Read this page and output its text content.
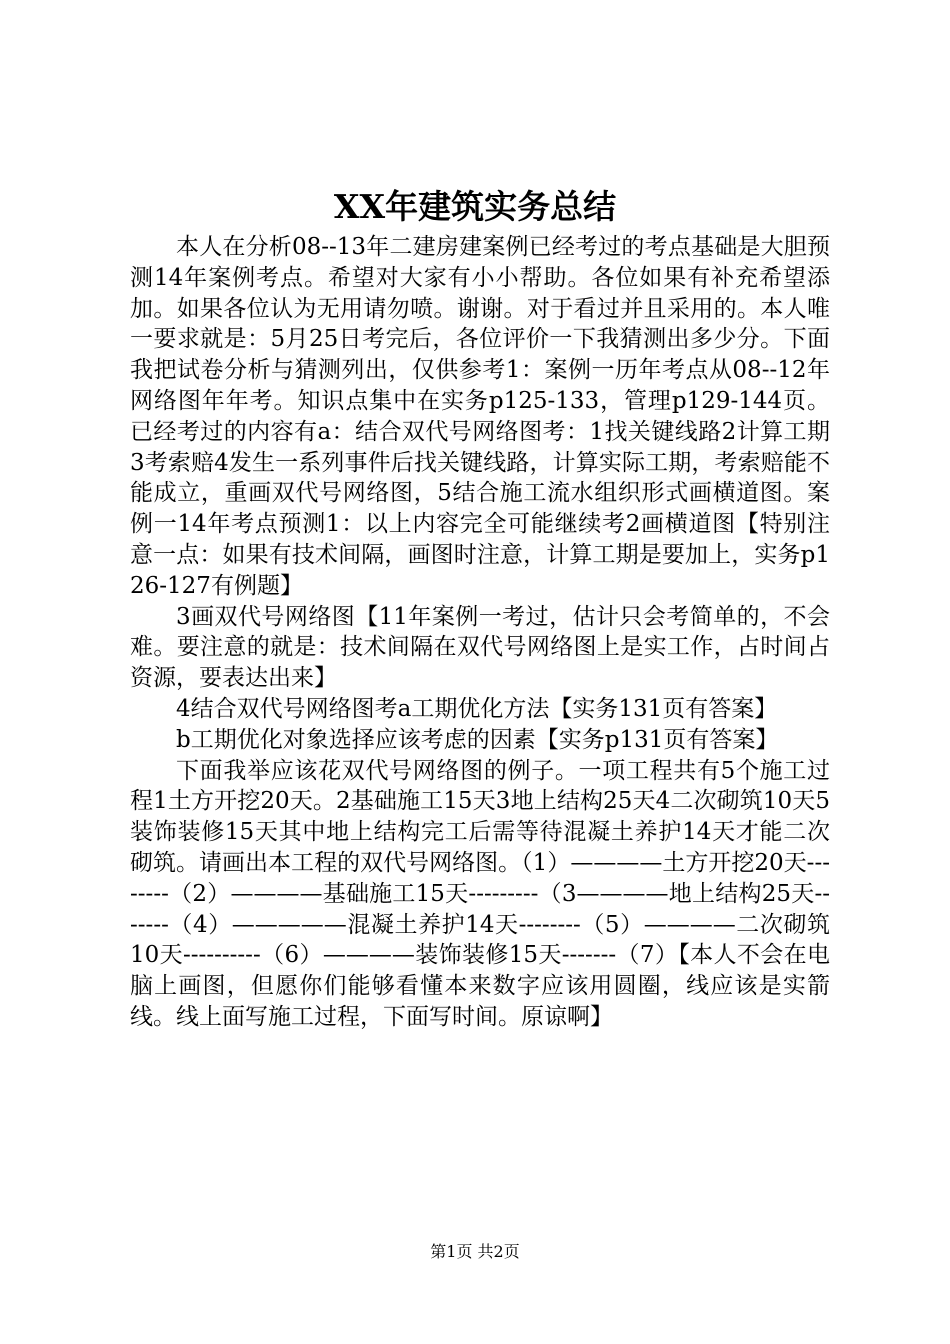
XX年建筑实务总结

本人在分析08--13年二建房建案例已经考过的考点基础是大胆预测14年案例考点。希望对大家有小小帮助。各位如果有补充希望添加。如果各位认为无用请勿喷。谢谢。对于看过并且采用的。本人唯一要求就是：5月25日考完后，各位评价一下我猜测出多少分。下面我把试卷分析与猜测列出，仅供参考1：案例一历年考点从08--12年网络图年年考。知识点集中在实务p125-133，管理p129-144页。已经考过的内容有a：结合双代号网络图考：1找关键线路2计算工期3考索赔4发生一系列事件后找关键线路，计算实际工期，考索赔能不能成立，重画双代号网络图，5结合施工流水组织形式画横道图。案例一14年考点预测1：以上内容完全可能继续考2画横道图【特别注意一点：如果有技术间隔，画图时注意，计算工期是要加上，实务p126-127有例题】

3画双代号网络图【11年案例一考过，估计只会考简单的，不会难。要注意的就是：技术间隔在双代号网络图上是实工作，占时间占资源，要表达出来】

4结合双代号网络图考a工期优化方法【实务131页有答案】

b工期优化对象选择应该考虑的因素【实务p131页有答案】

下面我举应该花双代号网络图的例子。一项工程共有5个施工过程1土方开挖20天。2基础施工15天3地上结构25天4二次砌筑10天5装饰装修15天其中地上结构完工后需等待混凝土养护14天才能二次砌筑。请画出本工程的双代号网络图。（1）————土方开挖20天--------（2）————基础施工15天---------（3————地上结构25天-------（4）—————混凝土养护14天--------（5）————二次砌筑10天----------（6）————装饰装修15天-------（7）【本人不会在电脑上画图，但愿你们能够看懂本来数字应该用圆圈，线应该是实箭线。线上面写施工过程，下面写时间。原谅啊】

第1页 共2页
